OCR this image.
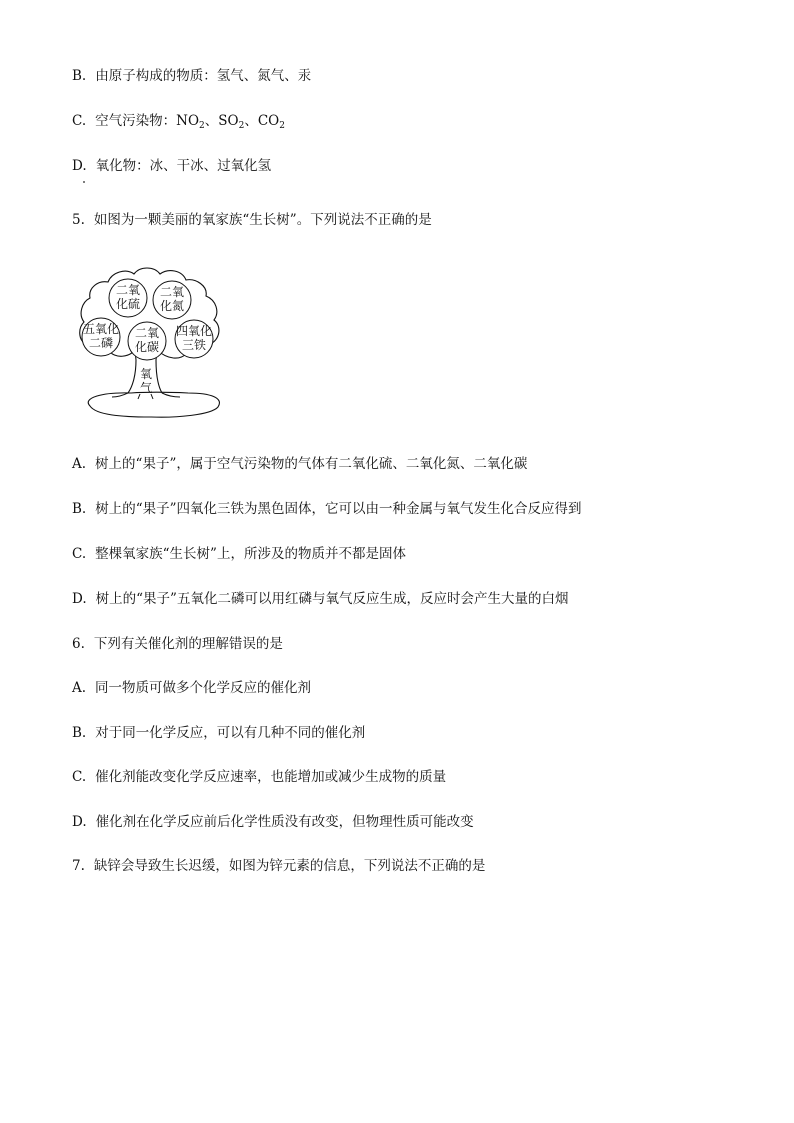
B. 由原子构成的物质：氢气、氮气、汞

C. 空气污染物：$NO_2$、$SO_2$、$CO_2$

D. 氧化物：冰、干冰、过氧化氢

5. 如图为一颗美丽的氧家族“生长树”。下列说法不正确的是

二氧
化硫
二氧
化氮
五氧化
二磷
二氧
化碳
四氧化
三铁
氧
气

A. 树上的“果子”，属于空气污染物的气体有二氧化硫、二氧化氮、二氧化碳

B. 树上的“果子”四氧化三铁为黑色固体，它可以由一种金属与氧气发生化合反应得到

C. 整棵氧家族“生长树”上，所涉及的物质并不都是固体

D. 树上的“果子”五氧化二磷可以用红磷与氧气反应生成，反应时会产生大量的白烟

6. 下列有关催化剂的理解错误的是

A. 同一物质可做多个化学反应的催化剂

B. 对于同一化学反应，可以有几种不同的催化剂

C. 催化剂能改变化学反应速率，也能增加或减少生成物的质量

D. 催化剂在化学反应前后化学性质没有改变，但物理性质可能改变

7. 缺锌会导致生长迟缓，如图为锌元素的信息，下列说法不正确的是
